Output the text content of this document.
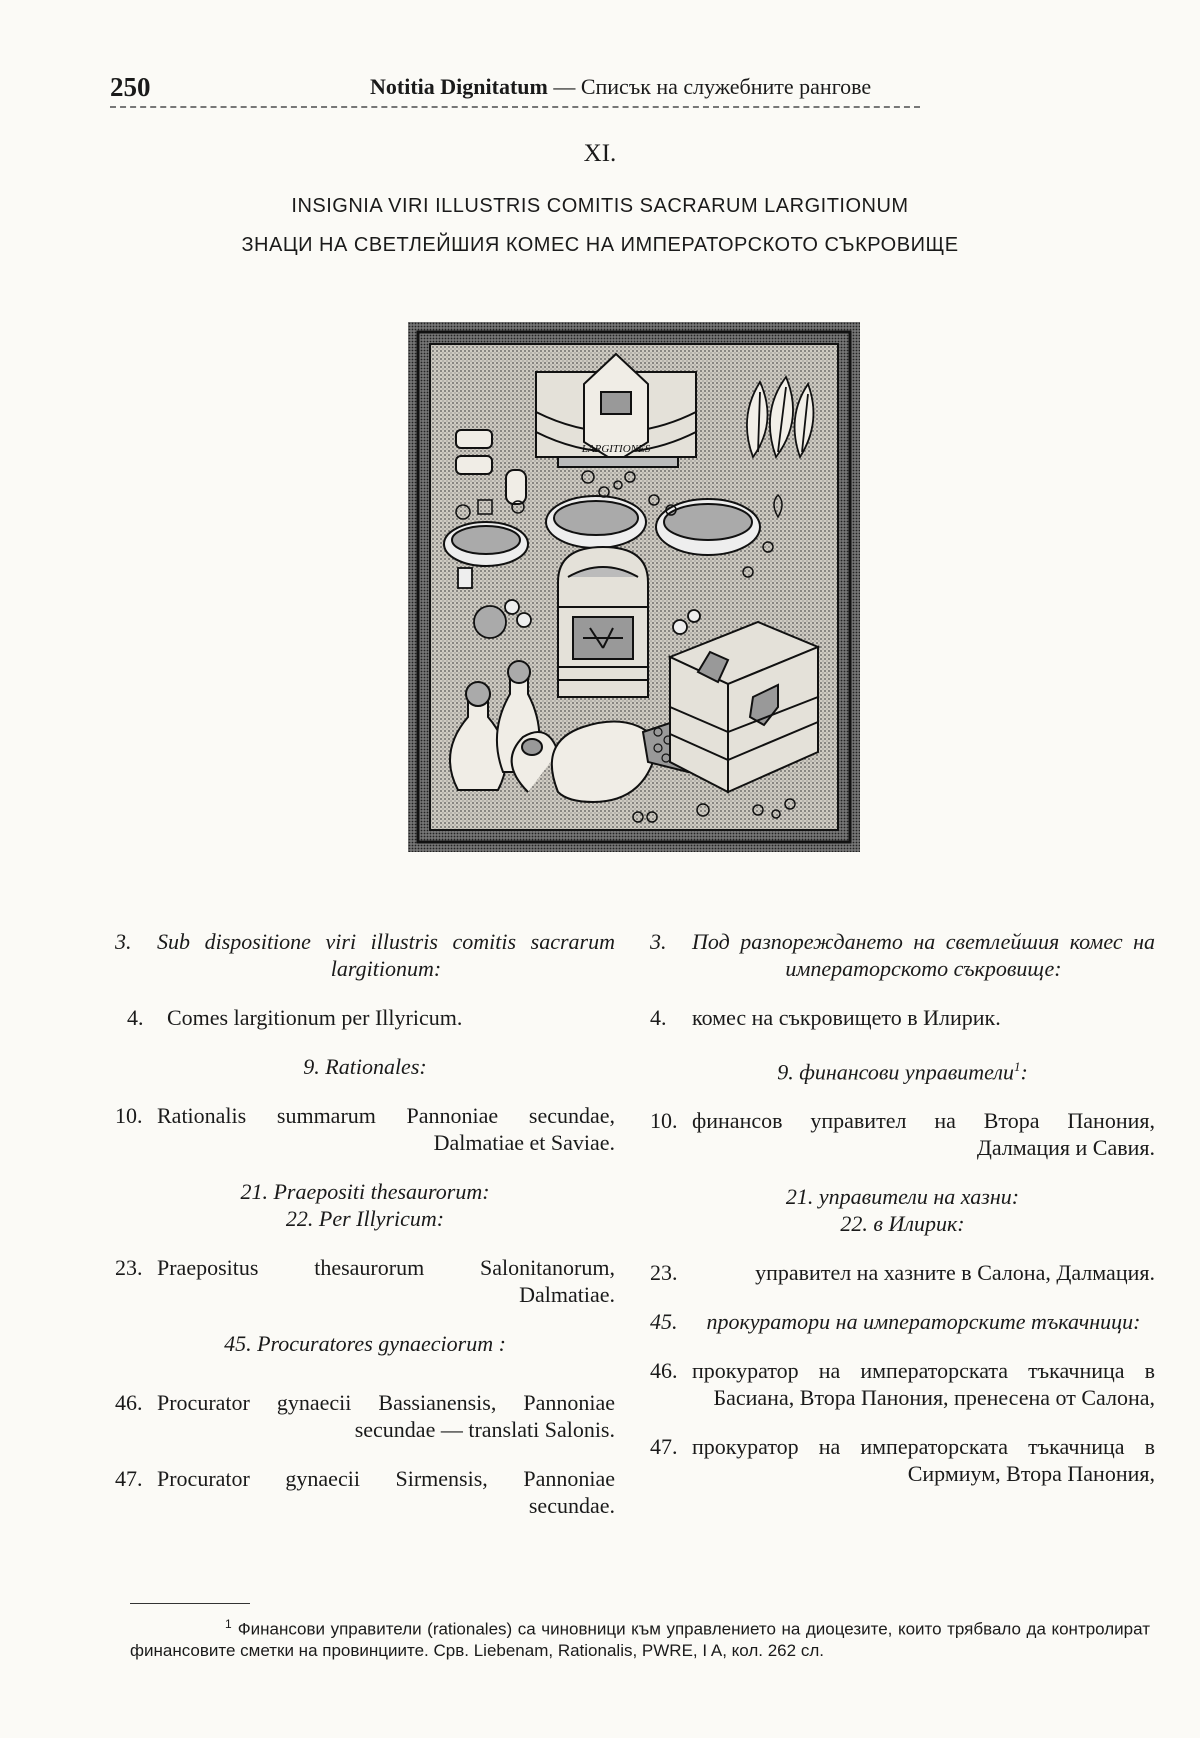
250	Notitia Dignitatum — Списък на служебните рангове
XI.
INSIGNIA VIRI ILLUSTRIS COMITIS SACRARUM LARGITIONUM
ЗНАЦИ НА СВЕТЛЕЙШИЯ КОМЕС НА ИМПЕРАТОРСКОТО СЪКРОВИЩЕ
LARGITIONES
3.	Sub dispositione viri illustris comitis sacrarum largitionum:
4.	Comes largitionum per Illyricum.
9. Rationales:
10. Rationalis summarum Pannoniae secundae, Dalmatiae et Saviae.
21. Praepositi thesaurorum:
22. Per Illyricum:
23. Praepositus thesaurorum Salonitanorum, Dalmatiae.
45. Procuratores gynaeciorum :
46. Procurator gynaecii Bassianensis, Pannoniae secundae — translati Salonis.
47. Procurator gynaecii Sirmensis, Pannoniae secundae.
3.	Под разпореждането на светлейшия комес на императорското съкровище:
4.	комес на съкровището в Илирик.
9. финансови управители$^1$:
10. финансов управител на Втора Панония, Далмация и Савия.
21. управители на хазни:
22. в Илирик:
23.	управител на хазните в Салона, Далмация.
45.	прокуратори на императорските тъкачници:
46. прокуратор на императорската тъкачница в Басиана, Втора Панония, пренесена от Салона,
47. прокуратор на императорската тъкачница в Сирмиум, Втора Панония,
$^1$ Финансови управители (rationales) са чиновници към управлението на диоцезите, които трябвало да контролират финансовите сметки на провинциите. Срв. Liebenam, Rationalis, PWRE, I A, кол. 262 сл.
